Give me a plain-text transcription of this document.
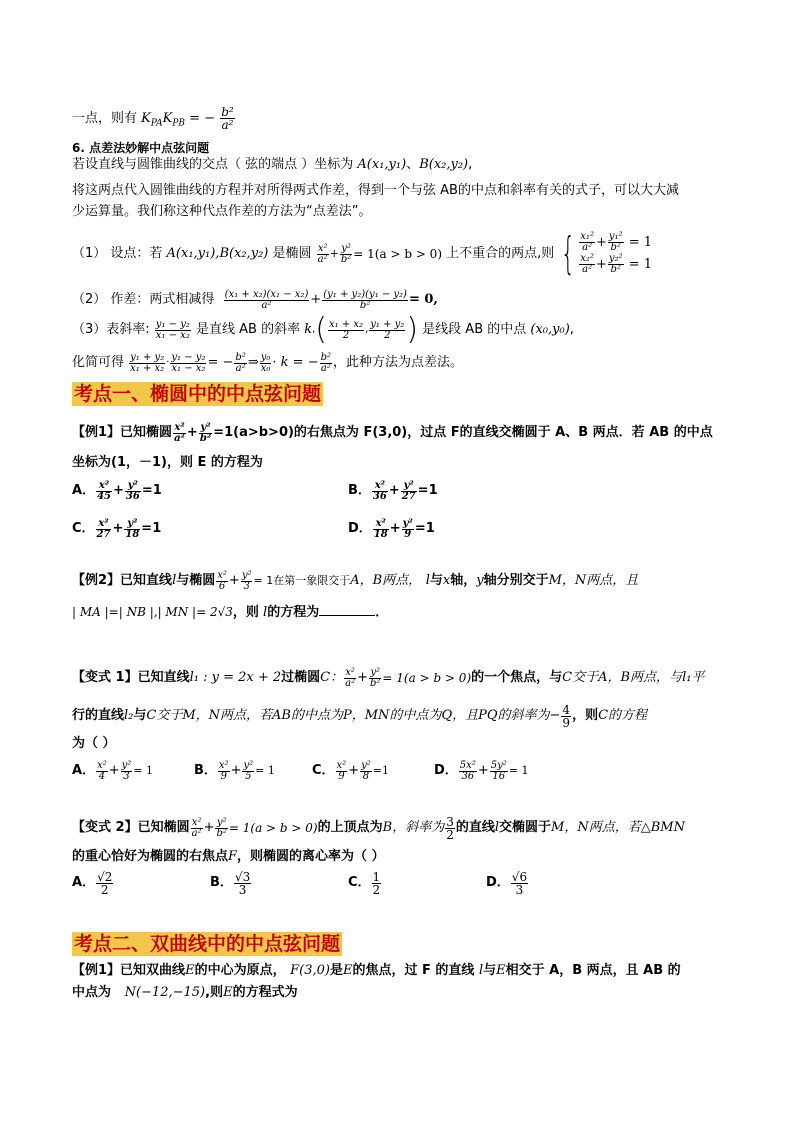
一点，则有 $K_{PA}K_{PB}$ = − $\frac{\text{b²}}{\text{a²}}$
6. 点差法妙解中点弦问题
若设直线与圆锥曲线的交点（ 弦的端点 ）坐标为 A(x₁,y₁)、B(x₂,y₂),
将这两点代入圆锥曲线的方程并对所得两式作差，得到一个与弦 AB的中点和斜率有关的式子，可以大大减
少运算量。我们称这种代点作差的方法为“点差法”。
（1） 设点：若
A(x₁,y₁),B(x₂,y₂)
是椭圆
$\frac{\text{x²}}{\text{a²}} + \frac{\text{y²}}{\text{b²}} = 1(a > b > 0)$
上不重合的两点,则 { $\frac{\text{x₁²}}{\text{a²}} + \frac{\text{y₁²}}{\text{b²}} = 1$
$\frac{\text{x₂²}}{\text{a²}} + \frac{\text{y₂²}}{\text{b²}} = 1$
（2） 作差：两式相减得
$\frac{\text{(x₁ + x₂)(x₁ − x₂)}}{\text{a²}} + \frac{\text{(y₁ + y₂)(y₁ − y₂)}}{\text{b²}} = 0$,
（3）表斜率:
$\frac{\text{y₁ − y₂}}{\text{x₁ − x₂}}$
是直线 AB 的斜率
k , ( $\frac{\text{x₁ + x₂}}{2}$ , $\frac{\text{y₁ + y₂}}{2}$ )
是线段 AB 的中点
(x₀,y₀) ,
化简可得
$\frac{\text{y₁ + y₂}}{\text{x₁ + x₂}} \cdot \frac{\text{y₁ − y₂}}{\text{x₁ − x₂}}$ = − $\frac{\text{b²}}{\text{a²}}$ ⇒ $\frac{\text{y₀}}{\text{x₀}} \cdot k$ = − $\frac{\text{b²}}{\text{a²}}$ ，此种方法为点差法。
考点一、椭圆中的中点弦问题
【例1】 已知椭圆 $\frac{\text{x²}}{\text{a²}} + \frac{\text{y²}}{\text{b²}} =1(a>b>0)$的右焦点为 F(3,0)，过点 F的直线交椭圆于 A、B 两点．若 AB 的中点
坐标为(1，－1)，则 E 的方程为
A． $\frac{\text{x²}}{45} + \frac{\text{y²}}{36} =1$	B． $\frac{\text{x²}}{36} + \frac{\text{y²}}{27} =1$
C． $\frac{\text{x²}}{27} + \frac{\text{y²}}{18} =1$	D． $\frac{\text{x²}}{18} + \frac{\text{y²}}{9} =1$
【例2】 已知直线 l 与椭圆 $\frac{\text{x²}}{6} + \frac{\text{y²}}{3} = 1$在第一象限交于 A，B两点，
l 与 x 轴， y 轴分别交于 M，N两点，且
| MA |=| NB |,| MN |= 2√3，则 l的方程为	．
【变式 1】 已知直线 l₁ : y = 2x + 2 过椭圆 C： $\frac{\text{x²}}{\text{a²}} + \frac{\text{y²}}{\text{b²}} = 1(a > b > 0)$ 的一个焦点，与 C交于 A，B两点，与 l₁平
行的直线 l₂ 与 C交于 M，N两点，若 AB的中点为 P，MN的中点为 Q，且 PQ的斜率为 − $\frac{4}{9}$ ，则 C的方程
为（ ）
A． $\frac{\text{x²}}{4} + \frac{\text{y²}}{3} = 1$	B． $\frac{\text{x²}}{9} + \frac{\text{y²}}{5} = 1$	C． $\frac{\text{x²}}{9} + \frac{\text{y²}}{8} =1$	D． $\frac{\text{5x²}}{36} + \frac{\text{5y²}}{16} = 1$
【变式 2】 已知椭圆 $\frac{\text{x²}}{\text{a²}} + \frac{\text{y²}}{\text{b²}} = 1(a > b > 0)$ 的上顶点为 B，斜率为 $\frac{3}{2}$ 的直线 l 交椭圆于 M，N两点，若 △BMN
的重心恰好为椭圆的右焦点F，则椭圆的离心率为（ ）
A． $\frac{√2}{2}$	B． $\frac{√3}{3}$	C． $\frac{1}{2}$	D． $\frac{√6}{3}$
考点二、双曲线中的中点弦问题
【例1】已知双曲线E的中心为原点， F(3,0)是E的焦点，过 F 的直线 l与E相交于 A，B 两点，且 AB 的
中点为 N(−12,−15),则E的方程式为
